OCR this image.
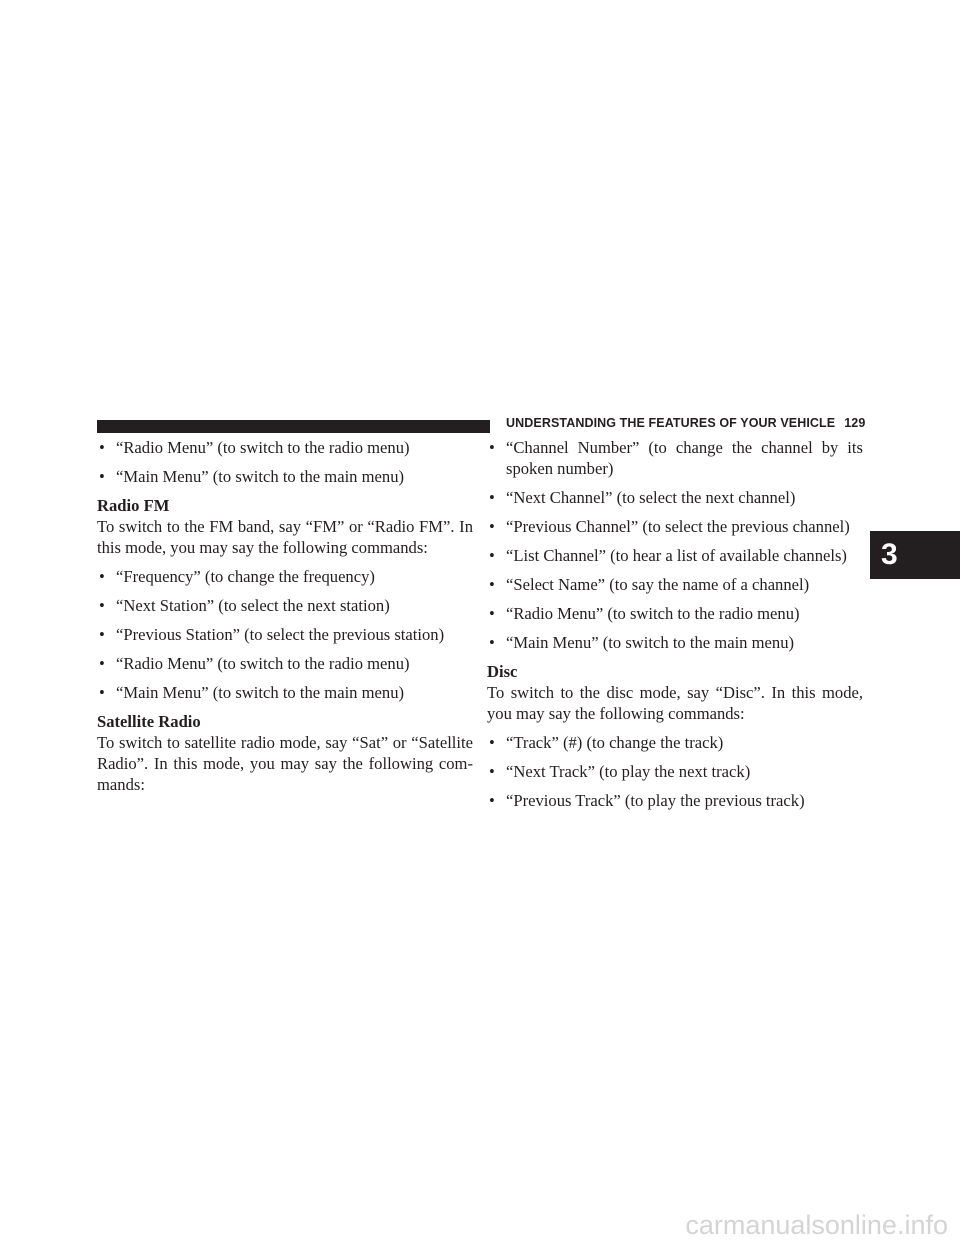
UNDERSTANDING THE FEATURES OF YOUR VEHICLE 129
• “Radio Menu” (to switch to the radio menu)
• “Main Menu” (to switch to the main menu)
Radio FM
To switch to the FM band, say “FM” or “Radio FM”. In this mode, you may say the following commands:
• “Frequency” (to change the frequency)
• “Next Station” (to select the next station)
• “Previous Station” (to select the previous station)
• “Radio Menu” (to switch to the radio menu)
• “Main Menu” (to switch to the main menu)
Satellite Radio
To switch to satellite radio mode, say “Sat” or “Satellite Radio”. In this mode, you may say the following com-mands:
• “Channel Number” (to change the channel by its spoken number)
• “Next Channel” (to select the next channel)
• “Previous Channel” (to select the previous channel)
• “List Channel” (to hear a list of available channels)
• “Select Name” (to say the name of a channel)
• “Radio Menu” (to switch to the radio menu)
• “Main Menu” (to switch to the main menu)
Disc
To switch to the disc mode, say “Disc”. In this mode, you may say the following commands:
• “Track” (#) (to change the track)
• “Next Track” (to play the next track)
• “Previous Track” (to play the previous track)
3
carmanualsonline.info
